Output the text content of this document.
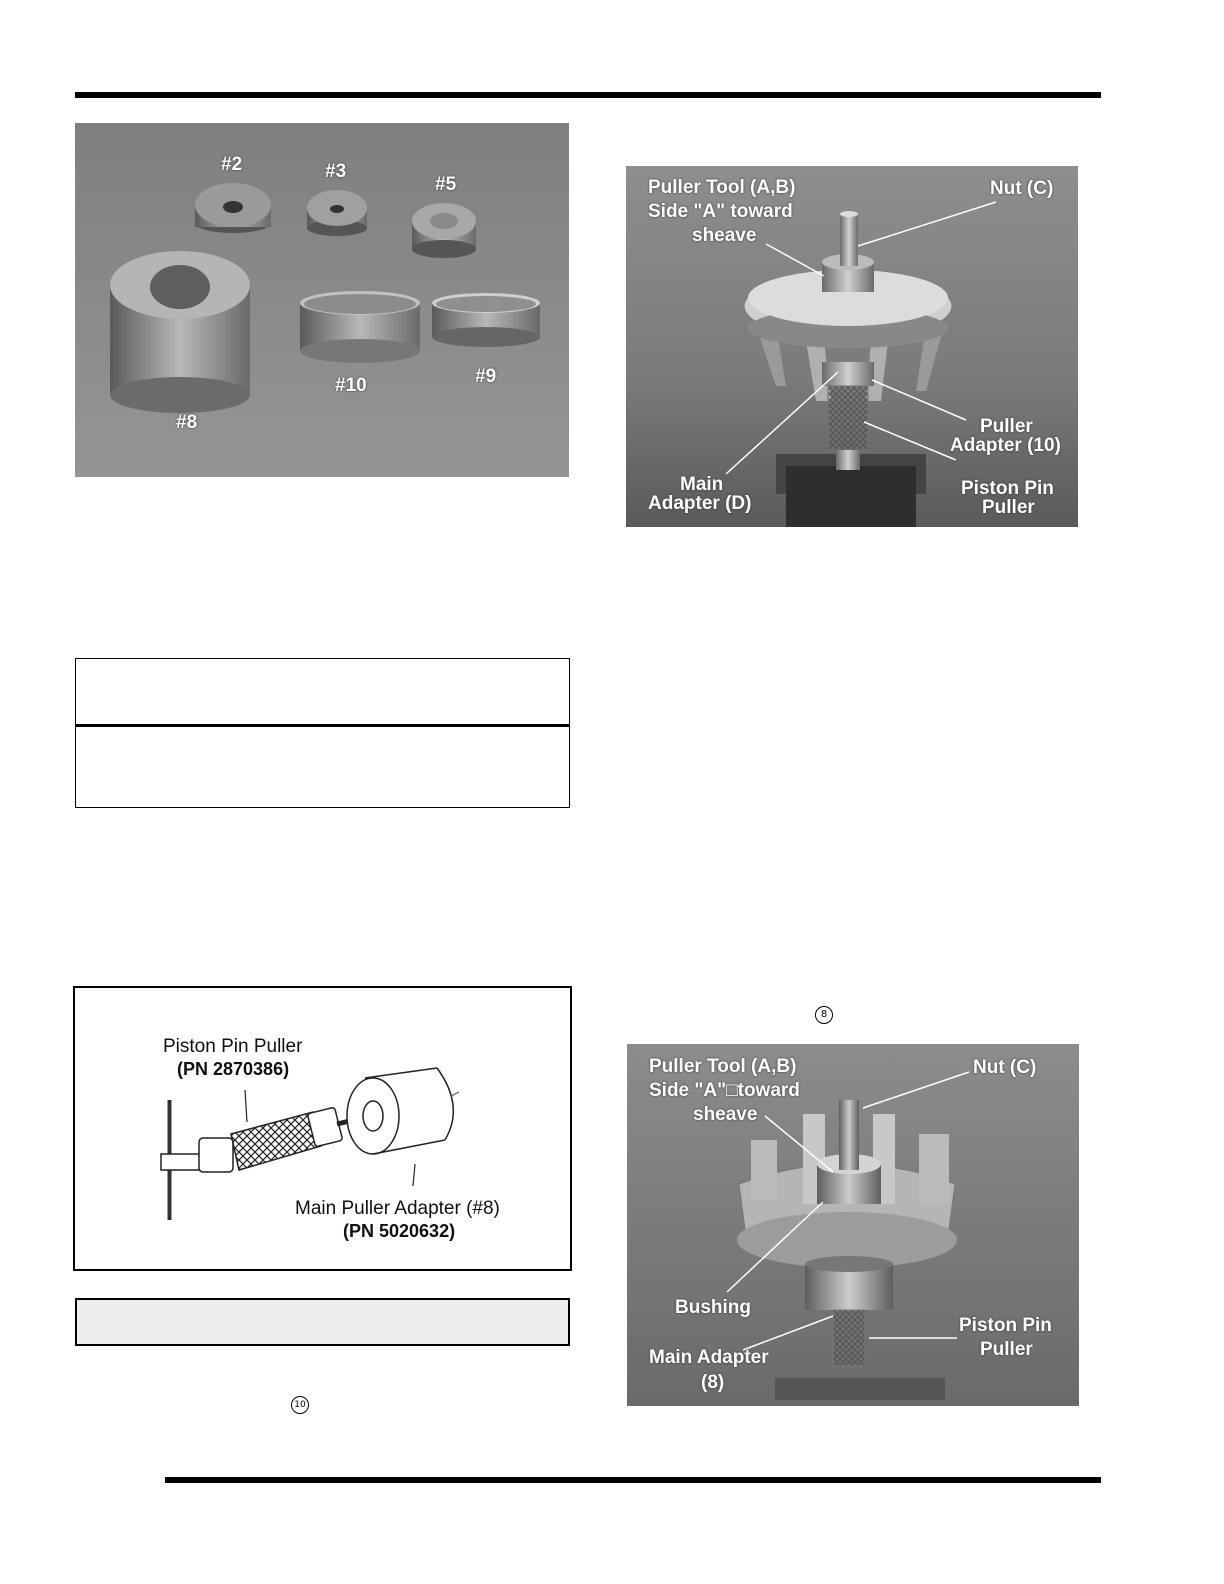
#2	#3
#5
#8
#10	#9
Piston Pin Puller
(PN 2870386)
Main Puller Adapter (#8)
(PN 5020632)
10
8
Puller Tool (A,B)
Side "A" toward
sheave
Nut (C)
Puller
Adapter (10)
Main
Adapter (D)
Piston Pin
Puller
Puller Tool (A,B)
Side "A"□toward
sheave
Nut (C)
Bushing
Piston Pin
Puller
Main Adapter
(8)
